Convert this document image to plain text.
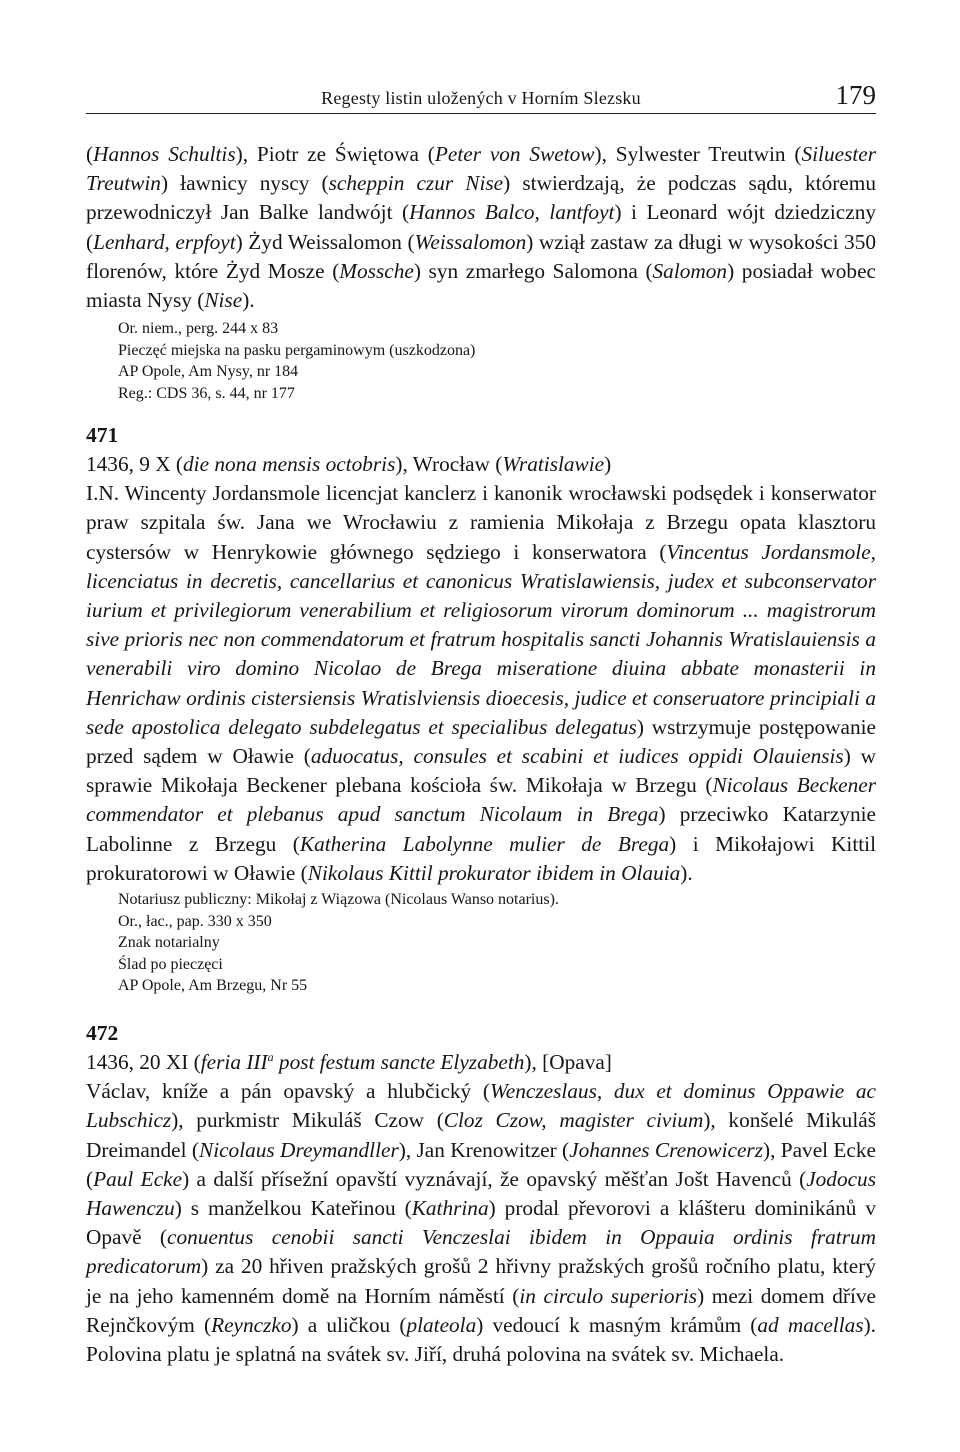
Regesty listin uložených v Horním Slezsku	179

(Hannos Schultis), Piotr ze Świętowa (Peter von Swetow), Sylwester Treutwin (Siluester Treutwin) ławnicy nyscy (scheppin czur Nise) stwierdzają, że podczas sądu, któremu przewodniczył Jan Balke landwójt (Hannos Balco, lantfoyt) i Leonard wójt dziedziczny (Lenhard, erpfoyt) Żyd Weissalomon (Weissalomon) wziął zastaw za długi w wysokości 350 florenów, które Żyd Mosze (Mossche) syn zmarłego Salomona (Salomon) posiadał wobec miasta Nysy (Nise).

Or. niem., perg. 244 x 83

Pieczęć miejska na pasku pergaminowym (uszkodzona)

AP Opole, Am Nysy, nr 184

Reg.: CDS 36, s. 44, nr 177

471

1436, 9 X (die nona mensis octobris), Wrocław (Wratislawie)

I.N. Wincenty Jordansmole licencjat kanclerz i kanonik wrocławski podsędek i konserwator praw szpitala św. Jana we Wrocławiu z ramienia Mikołaja z Brzegu opata klasztoru cystersów w Henrykowie głównego sędziego i konserwatora (Vincentus Jordansmole, licenciatus in decretis, cancellarius et canonicus Wratislawiensis, judex et subconservator iurium et privilegiorum venerabilium et religiosorum virorum dominorum ... magistrorum sive prioris nec non commendatorum et fratrum hospitalis sancti Johannis Wratislauiensis a venerabili viro domino Nicolao de Brega miseratione diuina abbate monasterii in Henrichaw ordinis cistersiensis Wratislviensis dioecesis, judice et conseruatore principiali a sede apostolica delegato subdelegatus et specialibus delegatus) wstrzymuje postępowanie przed sądem w Oławie (aduocatus, consules et scabini et iudices oppidi Olauiensis) w sprawie Mikołaja Beckener plebana kościoła św. Mikołaja w Brzegu (Nicolaus Beckener commendator et plebanus apud sanctum Nicolaum in Brega) przeciwko Katarzynie Labolinne z Brzegu (Katherina Labolynne mulier de Brega) i Mikołajowi Kittil prokuratorowi w Oławie (Nikolaus Kittil prokurator ibidem in Olauia).

Notariusz publiczny: Mikołaj z Wiązowa (Nicolaus Wanso notarius).

Or., łac., pap. 330 x 350

Znak notarialny

Ślad po pieczęci

AP Opole, Am Brzegu, Nr 55

472

1436, 20 XI (feria III$^a$ post festum sancte Elyzabeth), [Opava]

Václav, kníže a pán opavský a hlubčický (Wenczeslaus, dux et dominus Oppawie ac Lubschicz), purkmistr Mikuláš Czow (Cloz Czow, magister civium), konšelé Mikuláš Dreimandel (Nicolaus Dreymandller), Jan Krenowitzer (Johannes Crenowicerz), Pavel Ecke (Paul Ecke) a další přísežní opavští vyznávají, že opavský měšťan Jošt Havenců (Jodocus Hawenczu) s manželkou Kateřinou (Kathrina) prodal převorovi a klášteru dominikánů v Opavě (conuentus cenobii sancti Venczeslai ibidem in Oppauia ordinis fratrum predicatorum) za 20 hřiven pražských grošů 2 hřivny pražských grošů ročního platu, který je na jeho kamenném domě na Horním náměstí (in circulo superioris) mezi domem dříve Rejnčkovým (Reynczko) a uličkou (plateola) vedoucí k masným krámům (ad macellas). Polovina platu je splatná na svátek sv. Jiří, druhá polovina na svátek sv. Michaela.
